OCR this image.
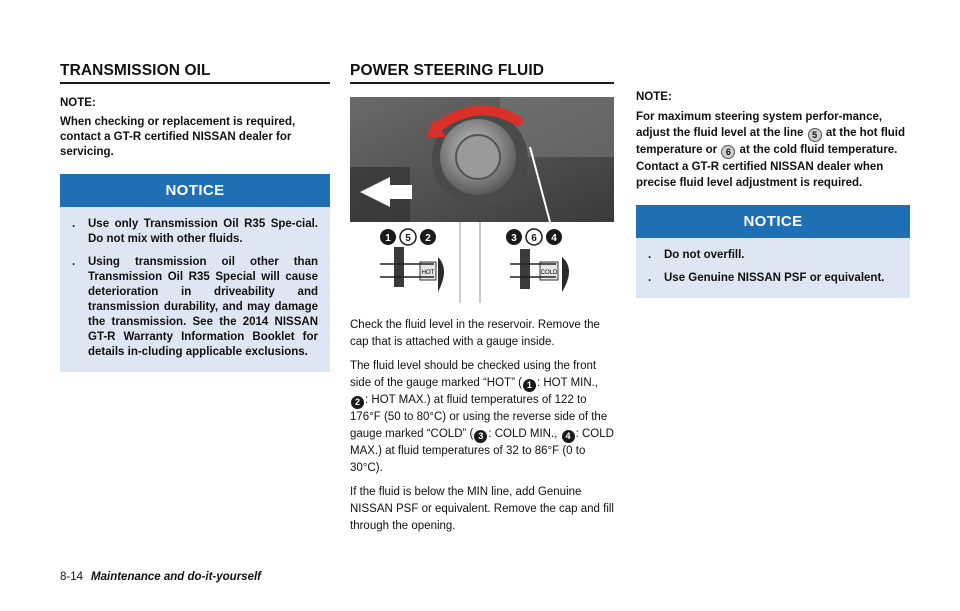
TRANSMISSION OIL

NOTE:

When checking or replacement is required, contact a GT-R certified NISSAN dealer for servicing.

NOTICE
. Use only Transmission Oil R35 Spe-cial. Do not mix with other fluids.
. Using transmission oil other than Transmission Oil R35 Special will cause deterioration in driveability and transmission durability, and may damage the transmission. See the 2014 NISSAN GT-R Warranty Information Booklet for details in-cluding applicable exclusions.
POWER STEERING FLUID
HOT	COLD
1 5 2	3 6 4

Check the fluid level in the reservoir. Remove the cap that is attached with a gauge inside.

The fluid level should be checked using the front side of the gauge marked “HOT” ( 1 : HOT MIN., 2 : HOT MAX.) at fluid temperatures of 122 to 176°F (50 to 80°C) or using the reverse side of the gauge marked “COLD” ( 3 : COLD MIN., 4 : COLD MAX.) at fluid temperatures of 32 to 86°F (0 to 30°C).

If the fluid is below the MIN line, add Genuine NISSAN PSF or equivalent. Remove the cap and fill through the opening.

NOTE:

For maximum steering system perfor-mance, adjust the fluid level at the line 5 at the hot fluid temperature or 6 at the cold fluid temperature. Contact a GT-R certified NISSAN dealer when precise fluid level adjustment is required.

NOTICE
. Do not overfill.
. Use Genuine NISSAN PSF or equivalent.
8-14 Maintenance and do-it-yourself
